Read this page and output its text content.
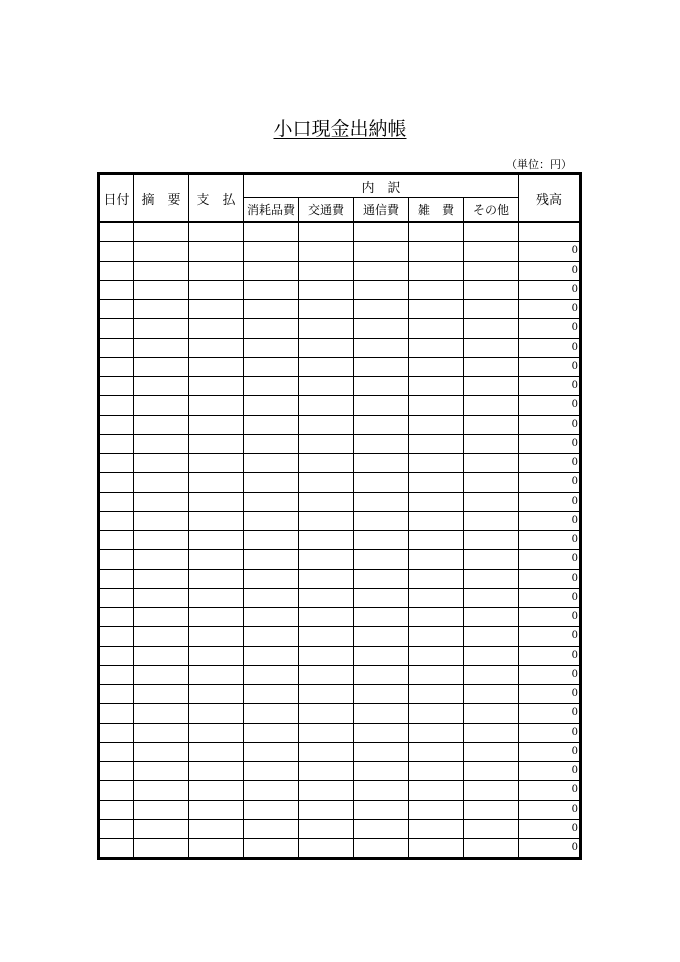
小口現金出納帳
（単位：円）
日付	摘　要	支　払	内　訳					残高
			消耗品費	交通費	通信費	雑　費	その他	

								0
								0
								0
								0
								0
								0
								0
								0
								0
								0
								0
								0
								0
								0
								0
								0
								0
								0
								0
								0
								0
								0
								0
								0
								0
								0
								0
								0
								0
								0
								0
								0
